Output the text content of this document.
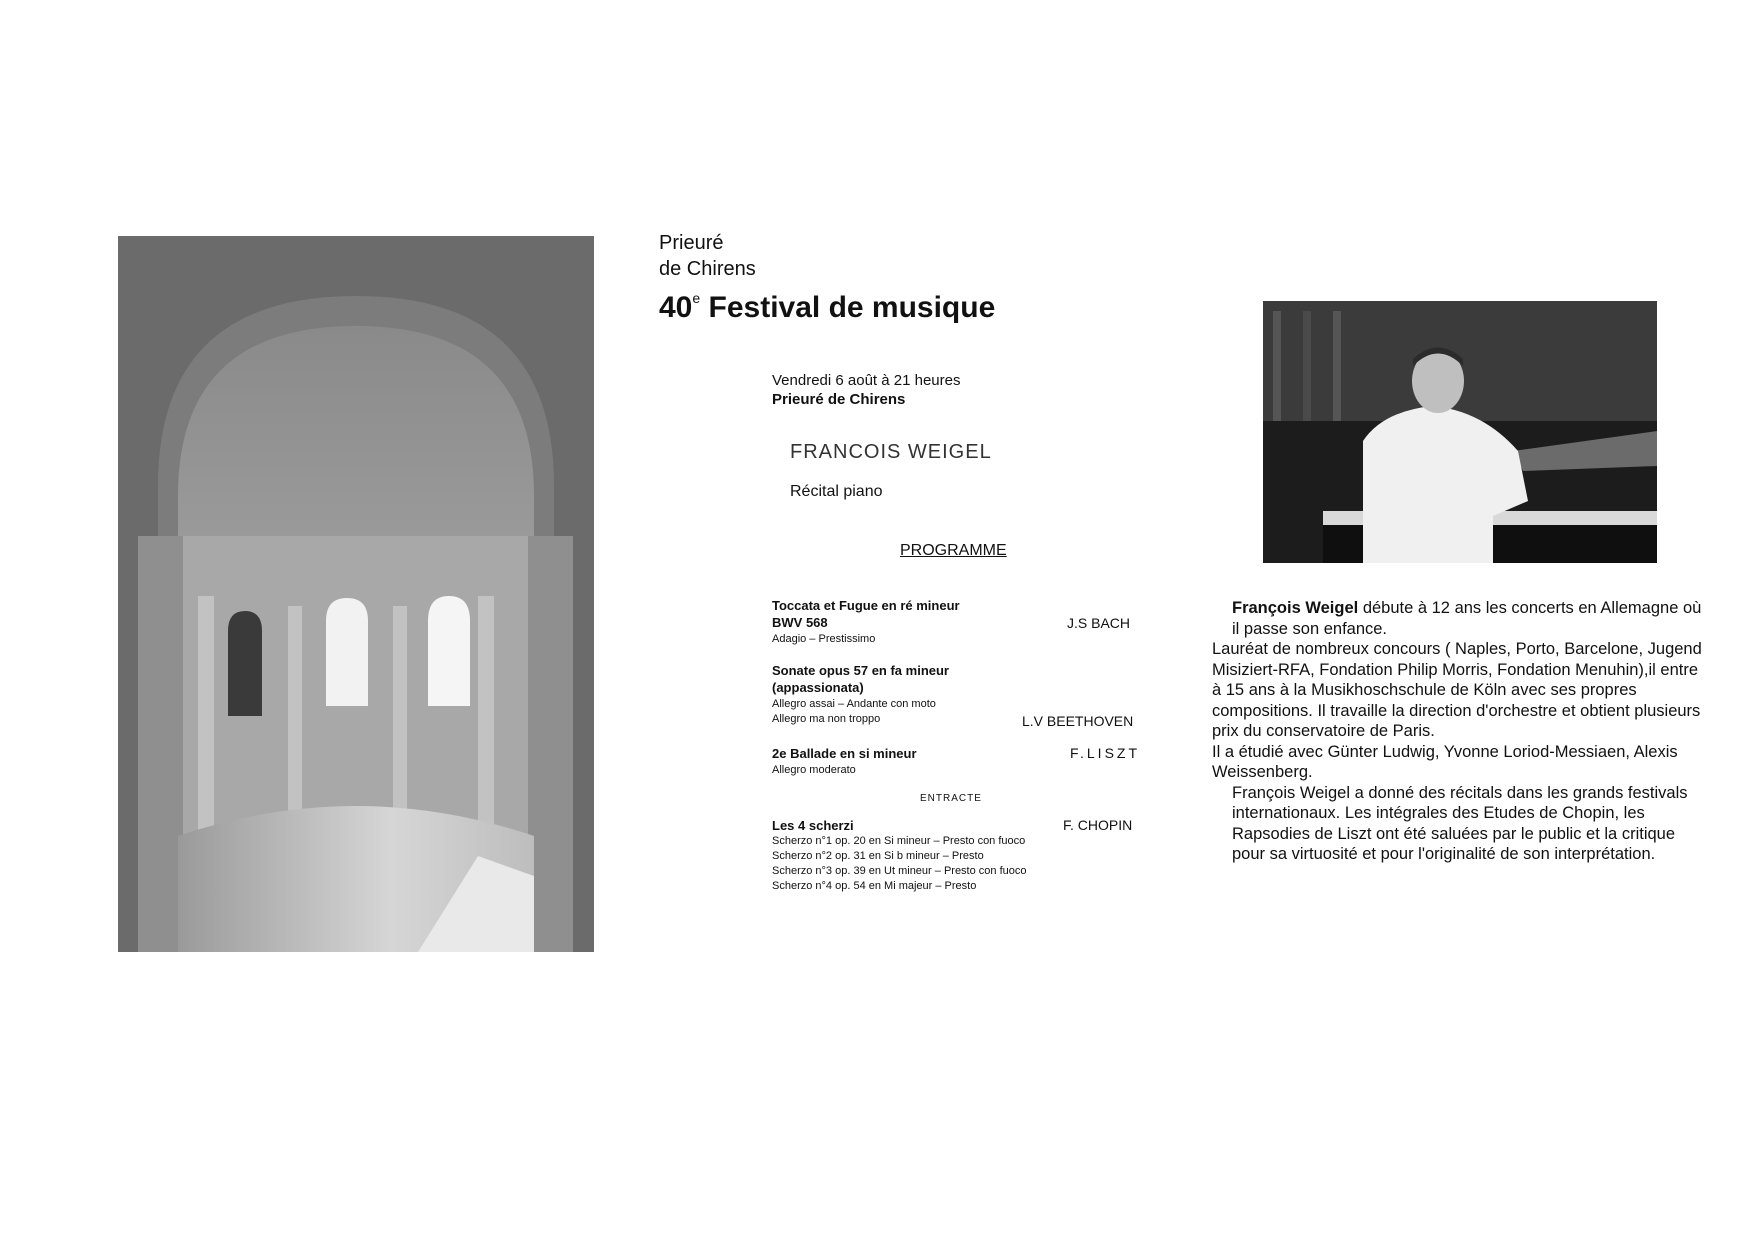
Prieuré
de Chirens
40e Festival de musique
Vendredi 6 août à 21 heures
Prieuré de Chirens
FRANCOIS WEIGEL
Récital piano
PROGRAMME
Toccata et Fugue en ré mineur
BWV 568
Adagio – Prestissimo
J.S BACH
Sonate opus 57 en fa mineur
(appassionata)
Allegro assai – Andante con moto
Allegro ma non troppo	L.V BEETHOVEN
2e Ballade en si mineur
Allegro moderato
F.LISZT
ENTRACTE
Les 4 scherzi	F. CHOPIN
Scherzo n°1 op. 20 en Si mineur – Presto con fuoco
Scherzo n°2 op. 31 en Si b mineur – Presto
Scherzo n°3 op. 39 en Ut mineur – Presto con fuoco
Scherzo n°4 op. 54 en Mi majeur – Presto

François Weigel débute à 12 ans les concerts en Allemagne où il passe son enfance.

Lauréat de nombreux concours ( Naples, Porto, Barcelone, Jugend Misiziert-RFA, Fondation Philip Morris, Fondation Menuhin),il entre à 15 ans à la Musikhoschschule de Köln avec ses propres compositions. Il travaille la direction d'orchestre et obtient plusieurs prix du conservatoire de Paris.

Il a étudié avec Günter Ludwig, Yvonne Loriod-Messiaen, Alexis Weissenberg.

François Weigel a donné des récitals dans les grands festivals internationaux. Les intégrales des Etudes de Chopin, les Rapsodies de Liszt ont été saluées par le public et la critique pour sa virtuosité et pour l'originalité de son interprétation.
